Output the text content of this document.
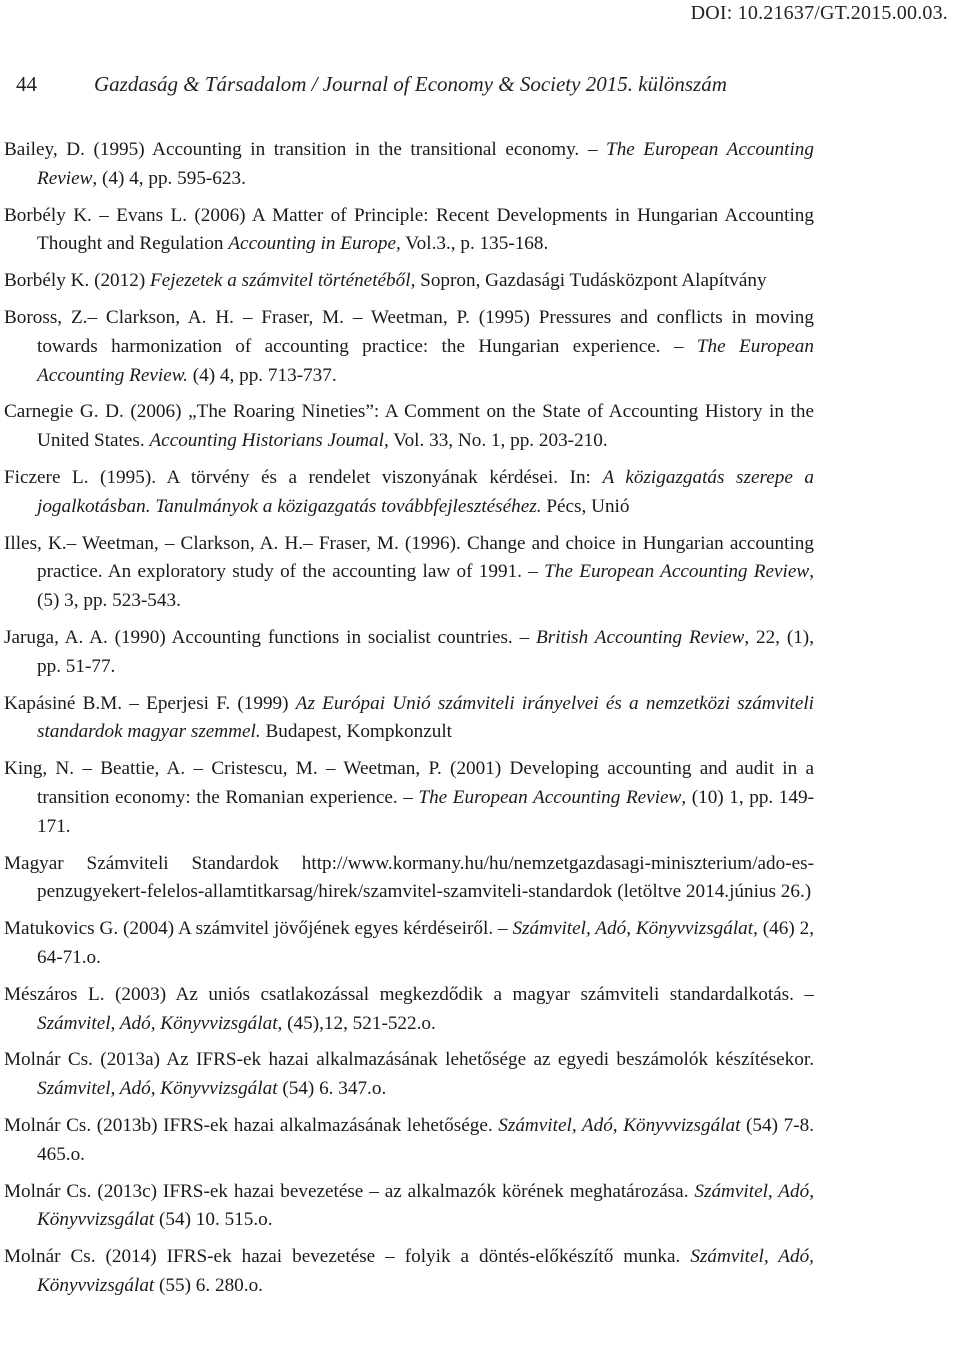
DOI: 10.21637/GT.2015.00.03.
44	Gazdaság & Társadalom / Journal of Economy & Society 2015. különszám
Bailey, D. (1995) Accounting in transition in the transitional economy. – The European Accounting Review, (4) 4, pp. 595-623.
Borbély K. – Evans L. (2006) A Matter of Principle: Recent Developments in Hungarian Accounting Thought and Regulation Accounting in Europe, Vol.3., p. 135-168.
Borbély K. (2012) Fejezetek a számvitel történetéből, Sopron, Gazdasági Tudásközpont Alapítvány
Boross, Z.– Clarkson, A. H. – Fraser, M. – Weetman, P. (1995) Pressures and conflicts in moving towards harmonization of accounting practice: the Hungarian experience. – The European Accounting Review. (4) 4, pp. 713-737.
Carnegie G. D. (2006) „The Roaring Nineties”: A Comment on the State of Accounting History in the United States. Accounting Historians Joumal, Vol. 33, No. 1, pp. 203-210.
Ficzere L. (1995). A törvény és a rendelet viszonyának kérdései. In: A közigazgatás szerepe a jogalkotásban. Tanulmányok a közigazgatás továbbfejlesztéséhez. Pécs, Unió
Illes, K.– Weetman, – Clarkson, A. H.– Fraser, M. (1996). Change and choice in Hungarian accounting practice. An exploratory study of the accounting law of 1991. – The European Accounting Review, (5) 3, pp. 523-543.
Jaruga, A. A. (1990) Accounting functions in socialist countries. – British Accounting Review, 22, (1), pp. 51-77.
Kapásiné B.M. – Eperjesi F. (1999) Az Európai Unió számviteli irányelvei és a nemzetközi számviteli standardok magyar szemmel. Budapest, Kompkonzult
King, N. – Beattie, A. – Cristescu, M. – Weetman, P. (2001) Developing accounting and audit in a transition economy: the Romanian experience. – The European Accounting Review, (10) 1, pp. 149-171.
Magyar Számviteli Standardok http://www.kormany.hu/hu/nemzetgazdasagi-miniszterium/ado-es-penzugyekert-felelos-allamtitkarsag/hirek/szamvitel-szamviteli-standardok (letöltve 2014.június 26.)
Matukovics G. (2004) A számvitel jövőjének egyes kérdéseiről. – Számvitel, Adó, Könyvvizsgálat, (46) 2, 64-71.o.
Mészáros L. (2003) Az uniós csatlakozással megkezdődik a magyar számviteli standardalkotás. – Számvitel, Adó, Könyvvizsgálat, (45),12, 521-522.o.
Molnár Cs. (2013a) Az IFRS-ek hazai alkalmazásának lehetősége az egyedi beszámolók készítésekor. Számvitel, Adó, Könyvvizsgálat (54) 6. 347.o.
Molnár Cs. (2013b) IFRS-ek hazai alkalmazásának lehetősége. Számvitel, Adó, Könyvvizsgálat (54) 7-8. 465.o.
Molnár Cs. (2013c) IFRS-ek hazai bevezetése – az alkalmazók körének meghatározása. Számvitel, Adó, Könyvvizsgálat (54) 10. 515.o.
Molnár Cs. (2014) IFRS-ek hazai bevezetése – folyik a döntés-előkészítő munka. Számvitel, Adó, Könyvvizsgálat (55) 6. 280.o.
